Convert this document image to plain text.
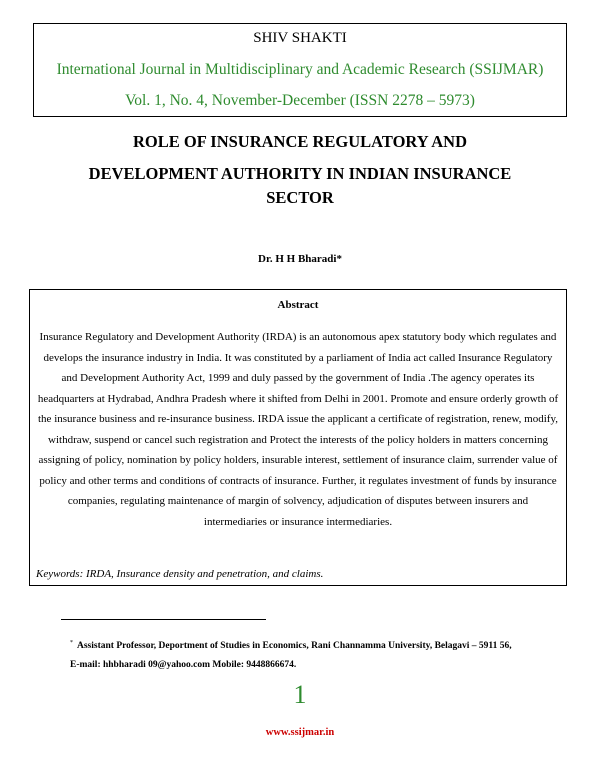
SHIV SHAKTI
International Journal in Multidisciplinary and Academic Research (SSIJMAR)
Vol. 1, No. 4, November-December (ISSN 2278 – 5973)
ROLE OF INSURANCE REGULATORY AND
DEVELOPMENT AUTHORITY IN INDIAN INSURANCE
SECTOR
Dr. H H Bharadi*
Abstract
Insurance Regulatory and Development Authority (IRDA) is an autonomous apex statutory body which regulates and develops the insurance industry in India. It was constituted by a parliament of India act called Insurance Regulatory and Development Authority Act, 1999 and duly passed by the government of India .The agency operates its headquarters at Hydrabad, Andhra Pradesh where it shifted from Delhi in 2001. Promote and ensure orderly growth of the insurance business and re-insurance business. IRDA issue the applicant a certificate of registration, renew, modify, withdraw, suspend or cancel such registration and Protect the interests of the policy holders in matters concerning assigning of policy, nomination by policy holders, insurable interest, settlement of insurance claim, surrender value of policy and other terms and conditions of contracts of insurance. Further, it regulates investment of funds by insurance companies, regulating maintenance of margin of solvency, adjudication of disputes between insurers and intermediaries or insurance intermediaries.
Keywords: IRDA, Insurance density and penetration, and claims.
* Assistant Professor, Deportment of Studies in Economics, Rani Channamma University, Belagavi – 5911 56,
E-mail: hhbharadi 09@yahoo.com Mobile: 9448866674.
1
www.ssijmar.in
